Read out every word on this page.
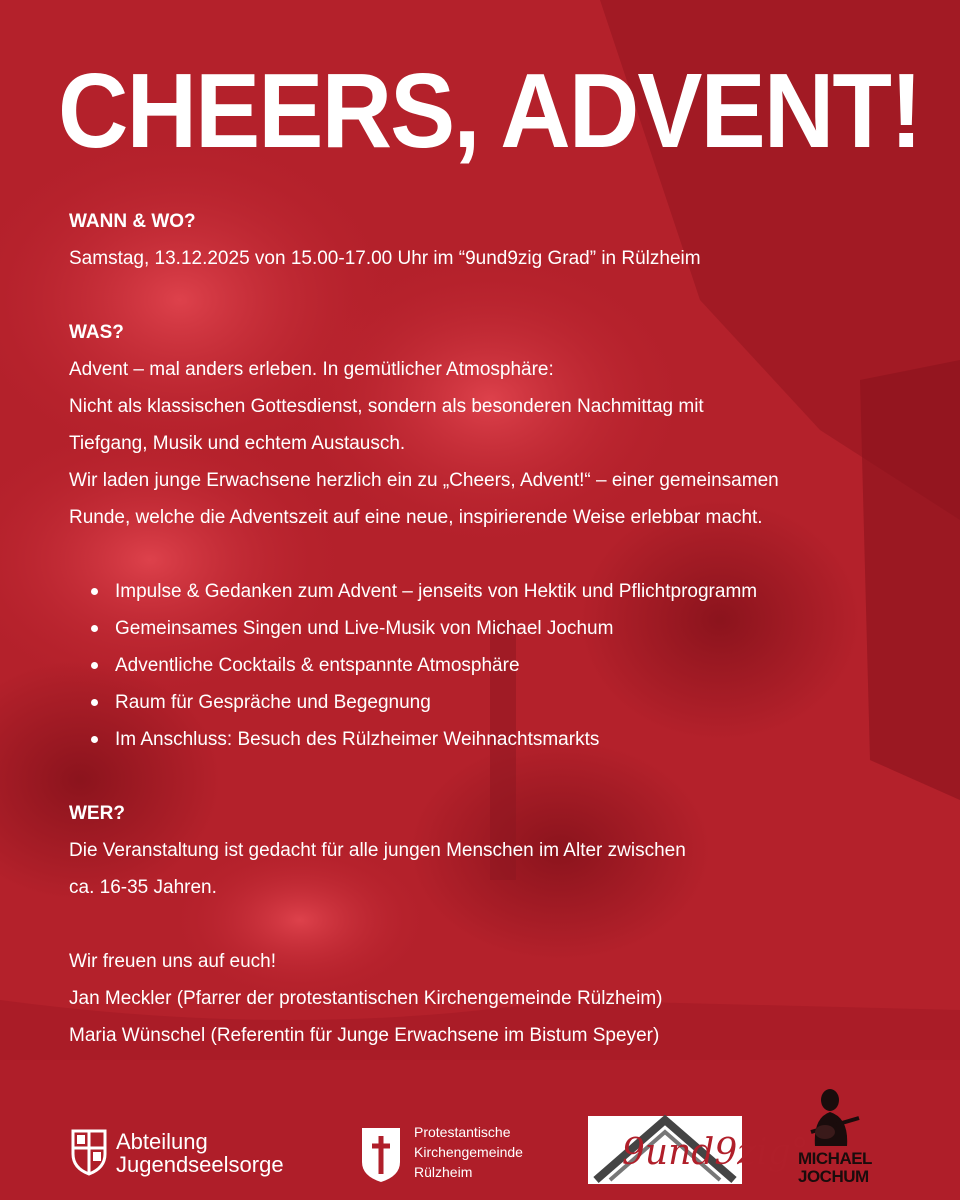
CHEERS, ADVENT!

WANN & WO?

Samstag, 13.12.2025 von 15.00-17.00 Uhr im “9und9zig Grad” in Rülzheim

WAS?

Advent – mal anders erleben. In gemütlicher Atmosphäre:

Nicht als klassischen Gottesdienst, sondern als besonderen Nachmittag mit

Tiefgang, Musik und echtem Austausch.

Wir laden junge Erwachsene herzlich ein zu „Cheers, Advent!“ – einer gemeinsamen

Runde, welche die Adventszeit auf eine neue, inspirierende Weise erlebbar macht.

Impulse & Gedanken zum Advent – jenseits von Hektik und Pflichtprogramm
Gemeinsames Singen und Live-Musik von Michael Jochum
Adventliche Cocktails & entspannte Atmosphäre
Raum für Gespräche und Begegnung
Im Anschluss: Besuch des Rülzheimer Weihnachtsmarkts

WER?

Die Veranstaltung ist gedacht für alle jungen Menschen im Alter zwischen

ca. 16-35 Jahren.

Wir freuen uns auf euch!

Jan Meckler (Pfarrer der protestantischen Kirchengemeinde Rülzheim)

Maria Wünschel (Referentin für Junge Erwachsene im Bistum Speyer)

Abteilung
Jugendseelsorge
Protestantische
Kirchengemeinde
Rülzheim	9und9zig°
MICHAEL
JOCHUM
